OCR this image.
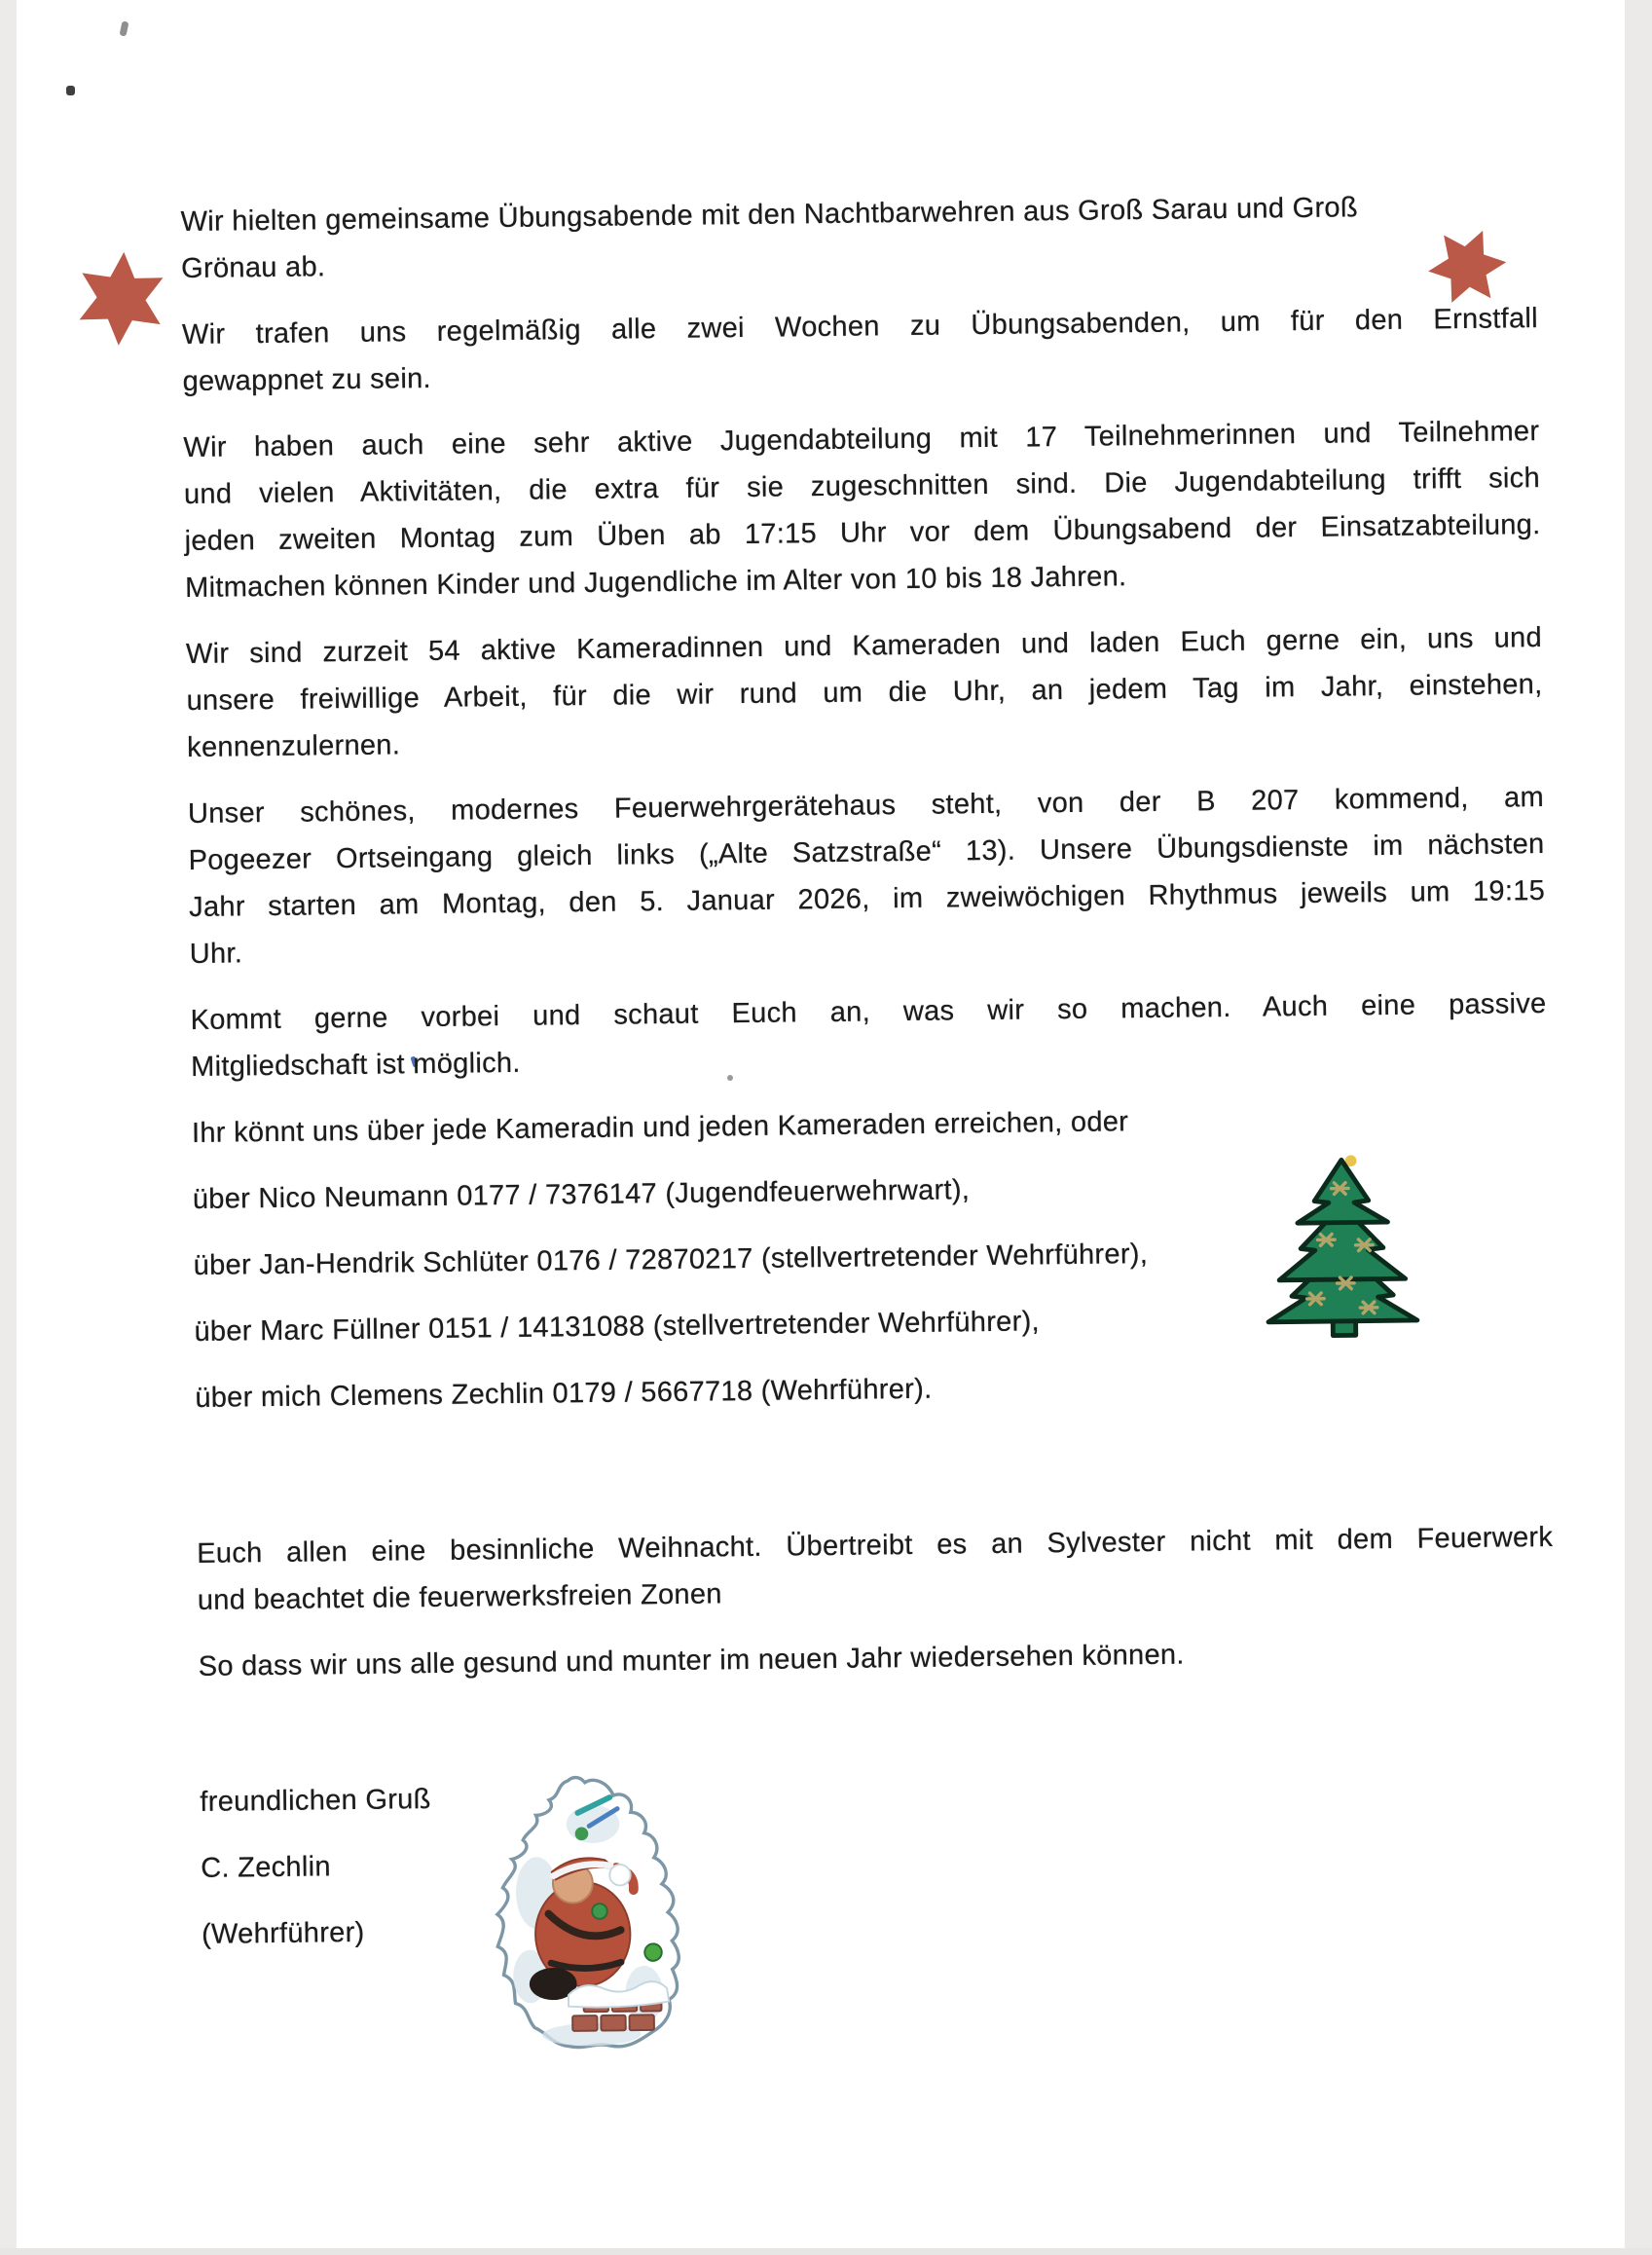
Wir hielten gemeinsame Übungsabende mit den Nachtbarwehren aus Groß Sarau und Groß
Grönau ab.
Wir trafen uns regelmäßig alle zwei Wochen zu Übungsabenden, um für den Ernstfall
gewappnet zu sein.
Wir haben auch eine sehr aktive Jugendabteilung mit 17 Teilnehmerinnen und Teilnehmer
und vielen Aktivitäten, die extra für sie zugeschnitten sind. Die Jugendabteilung trifft sich
jeden zweiten Montag zum Üben ab 17:15 Uhr vor dem Übungsabend der Einsatzabteilung.
Mitmachen können Kinder und Jugendliche im Alter von 10 bis 18 Jahren.
Wir sind zurzeit 54 aktive Kameradinnen und Kameraden und laden Euch gerne ein, uns und
unsere freiwillige Arbeit, für die wir rund um die Uhr, an jedem Tag im Jahr, einstehen,
kennenzulernen.
Unser schönes, modernes Feuerwehrgerätehaus steht, von der B 207 kommend, am
Pogeezer Ortseingang gleich links („Alte Satzstraße“ 13). Unsere Übungsdienste im nächsten
Jahr starten am Montag, den 5. Januar 2026, im zweiwöchigen Rhythmus jeweils um 19:15
Uhr.
Kommt gerne vorbei und schaut Euch an, was wir so machen. Auch eine passive
Mitgliedschaft ist möglich.
Ihr könnt uns über jede Kameradin und jeden Kameraden erreichen, oder
über Nico Neumann 0177 / 7376147 (Jugendfeuerwehrwart),
über Jan-Hendrik Schlüter 0176 / 72870217 (stellvertretender Wehrführer),
über Marc Füllner 0151 / 14131088 (stellvertretender Wehrführer),
über mich Clemens Zechlin 0179 / 5667718 (Wehrführer).
Euch allen eine besinnliche Weihnacht. Übertreibt es an Sylvester nicht mit dem Feuerwerk
und beachtet die feuerwerksfreien Zonen
So dass wir uns alle gesund und munter im neuen Jahr wiedersehen können.
freundlichen Gruß
C. Zechlin
(Wehrführer)
